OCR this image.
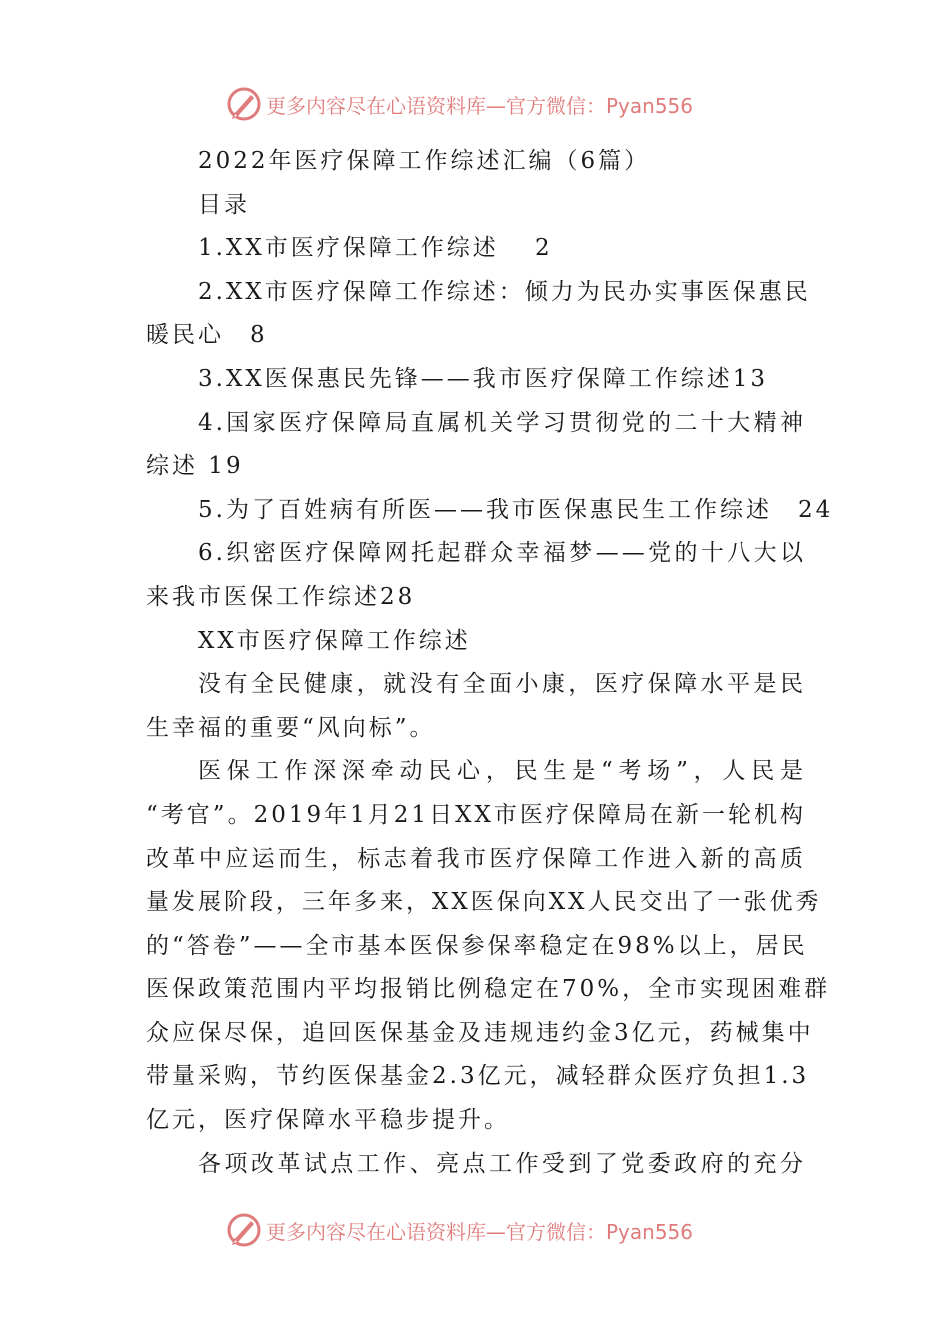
更多内容尽在心语资料库—官方微信：Pyan556
2022年医疗保障工作综述汇编（6篇）
目录
1.XX市医疗保障工作综述　 2
2.XX市医疗保障工作综述：倾力为民办实事医保惠民
暖民心　8
3.XX医保惠民先锋——我市医疗保障工作综述13
4.国家医疗保障局直属机关学习贯彻党的二十大精神
综述 19
5.为了百姓病有所医——我市医保惠民生工作综述　24
6.织密医疗保障网托起群众幸福梦——党的十八大以
来我市医保工作综述28
XX市医疗保障工作综述
没有全民健康，就没有全面小康，医疗保障水平是民
生幸福的重要“风向标”。
医保工作深深牵动民心，民生是“考场”，人民是
“考官”。2019年1月21日XX市医疗保障局在新一轮机构
改革中应运而生，标志着我市医疗保障工作进入新的高质
量发展阶段，三年多来，XX医保向XX人民交出了一张优秀
的“答卷”——全市基本医保参保率稳定在98%以上，居民
医保政策范围内平均报销比例稳定在70%，全市实现困难群
众应保尽保，追回医保基金及违规违约金3亿元，药械集中
带量采购，节约医保基金2.3亿元，减轻群众医疗负担1.3
亿元，医疗保障水平稳步提升。
各项改革试点工作、亮点工作受到了党委政府的充分
更多内容尽在心语资料库—官方微信：Pyan556
